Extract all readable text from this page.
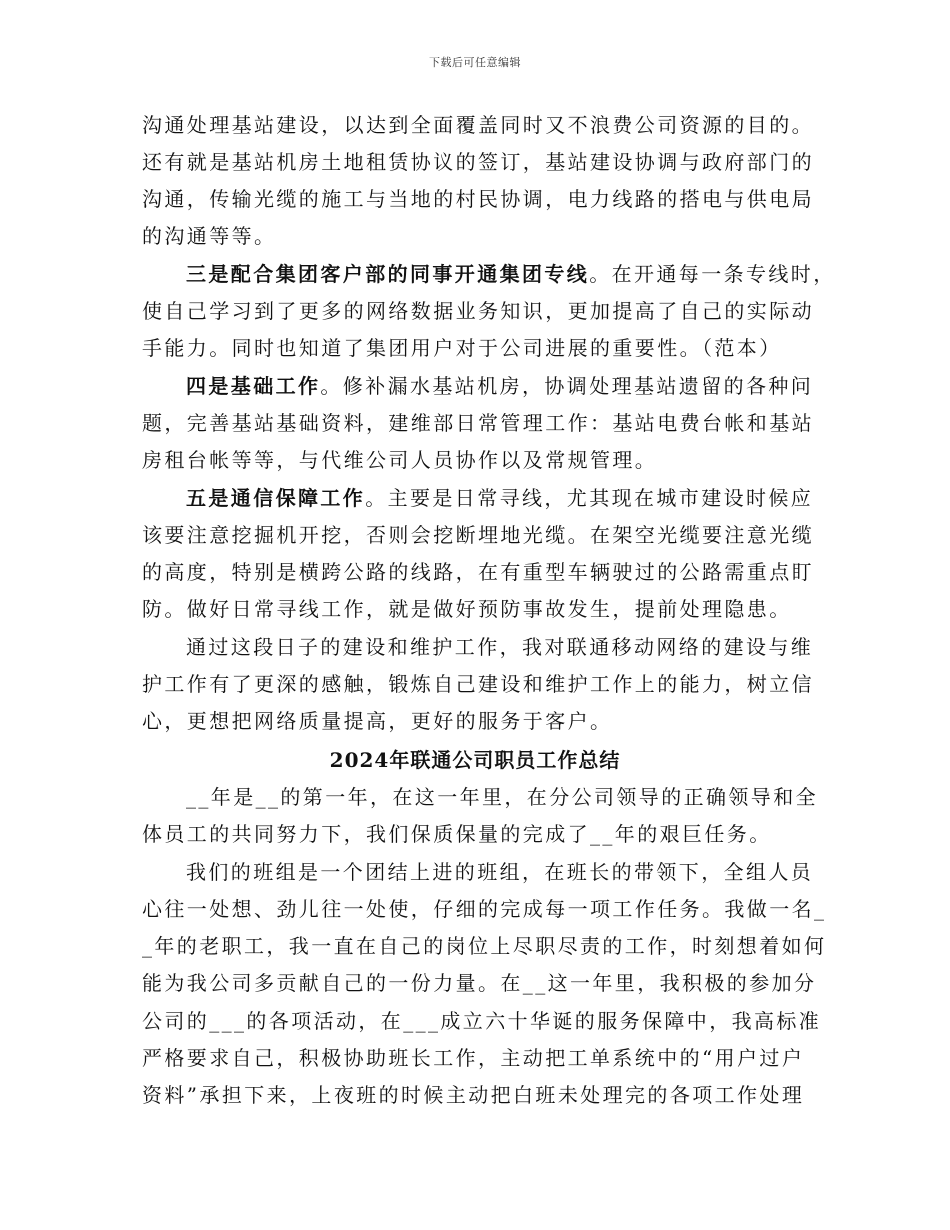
下载后可任意编辑
沟通处理基站建设，以达到全面覆盖同时又不浪费公司资源的目的。
还有就是基站机房土地租赁协议的签订，基站建设协调与政府部门的
沟通，传输光缆的施工与当地的村民协调，电力线路的搭电与供电局
的沟通等等。
三是配合集团客户部的同事开通集团专线。在开通每一条专线时，
使自己学习到了更多的网络数据业务知识，更加提高了自己的实际动
手能力。同时也知道了集团用户对于公司进展的重要性。（范本）
四是基础工作。修补漏水基站机房，协调处理基站遗留的各种问
题，完善基站基础资料，建维部日常管理工作：基站电费台帐和基站
房租台帐等等，与代维公司人员协作以及常规管理。
五是通信保障工作。主要是日常寻线，尤其现在城市建设时候应
该要注意挖掘机开挖，否则会挖断埋地光缆。在架空光缆要注意光缆
的高度，特别是横跨公路的线路，在有重型车辆驶过的公路需重点盯
防。做好日常寻线工作，就是做好预防事故发生，提前处理隐患。
通过这段日子的建设和维护工作，我对联通移动网络的建设与维
护工作有了更深的感触，锻炼自己建设和维护工作上的能力，树立信
心，更想把网络质量提高，更好的服务于客户。
2024年联通公司职员工作总结
__年是__的第一年，在这一年里，在分公司领导的正确领导和全
体员工的共同努力下，我们保质保量的完成了__年的艰巨任务。
我们的班组是一个团结上进的班组，在班长的带领下，全组人员
心往一处想、劲儿往一处使，仔细的完成每一项工作任务。我做一名_
_年的老职工，我一直在自己的岗位上尽职尽责的工作，时刻想着如何
能为我公司多贡献自己的一份力量。在__这一年里，我积极的参加分
公司的___的各项活动，在___成立六十华诞的服务保障中，我高标准
严格要求自己，积极协助班长工作，主动把工单系统中的“用户过户
资料”承担下来，上夜班的时候主动把白班未处理完的各项工作处理
